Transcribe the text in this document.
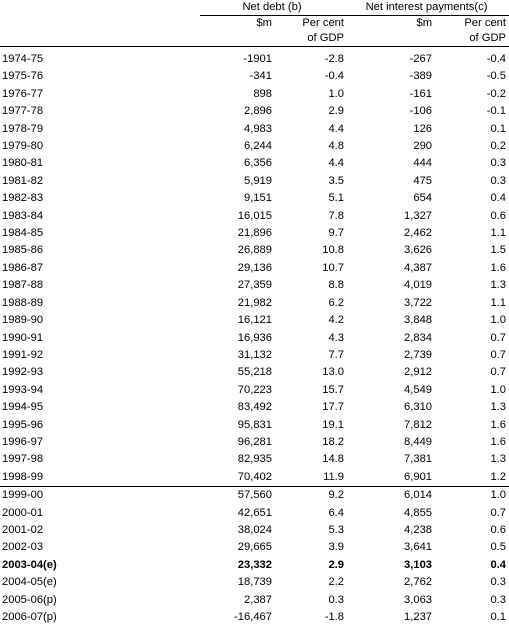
	Net debt (b)		Net interest payments(c)	
	$m	Per cent	$m	Per cent
		of GDP		of GDP

1974-75	-1901	-2.8	-267	-0.4
1975-76	-341	-0.4	-389	-0.5
1976-77	898	1.0	-161	-0.2
1977-78	2,896	2.9	-106	-0.1
1978-79	4,983	4.4	126	0.1
1979-80	6,244	4.8	290	0.2
1980-81	6,356	4.4	444	0.3
1981-82	5,919	3.5	475	0.3
1982-83	9,151	5.1	654	0.4
1983-84	16,015	7.8	1,327	0.6
1984-85	21,896	9.7	2,462	1.1
1985-86	26,889	10.8	3,626	1.5
1986-87	29,136	10.7	4,387	1.6
1987-88	27,359	8.8	4,019	1.3
1988-89	21,982	6.2	3,722	1.1
1989-90	16,121	4.2	3,848	1.0
1990-91	16,936	4.3	2,834	0.7
1991-92	31,132	7.7	2,739	0.7
1992-93	55,218	13.0	2,912	0.7
1993-94	70,223	15.7	4,549	1.0
1994-95	83,492	17.7	6,310	1.3
1995-96	95,831	19.1	7,812	1.6
1996-97	96,281	18.2	8,449	1.6
1997-98	82,935	14.8	7,381	1.3
1998-99	70,402	11.9	6,901	1.2
1999-00	57,560	9.2	6,014	1.0
2000-01	42,651	6.4	4,855	0.7
2001-02	38,024	5.3	4,238	0.6
2002-03	29,665	3.9	3,641	0.5
2003-04(e)	23,332	2.9	3,103	0.4
2004-05(e)	18,739	2.2	2,762	0.3
2005-06(p)	2,387	0.3	3,063	0.3
2006-07(p)	-16,467	-1.8	1,237	0.1
